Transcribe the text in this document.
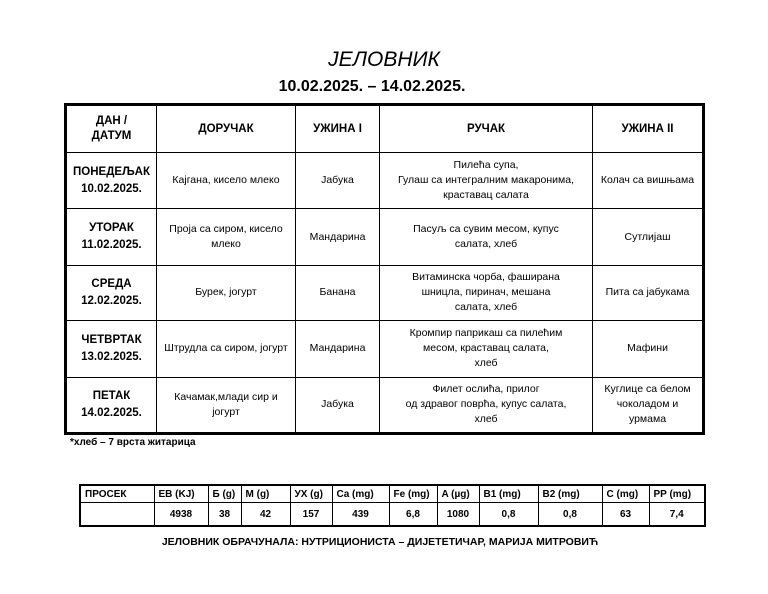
ЈЕЛОВНИК
10.02.2025. – 14.02.2025.
ДАН /
ДАТУМ	ДОРУЧАК	УЖИНА I	РУЧАК	УЖИНА II
ПОНЕДЕЉАК
10.02.2025.	Кајгана, кисело млеко	Јабука	Пилећа супа,
Гулаш са интегралним макаронима,
краставац салата	Колач са вишњама
УТОРАК
11.02.2025.	Проја са сиром, кисело
млеко	Мандарина	Пасуљ са сувим месом, купус
салата, хлеб	Сутлијаш
СРЕДА
12.02.2025.	Бурек, јогурт	Банана	Витаминска чорба, фаширана
шницла, пиринач, мешана
салата, хлеб	Пита са јабукама
ЧЕТВРТАК
13.02.2025.	Штрудла са сиром, јогурт	Мандарина	Кромпир паприкаш са пилећим
месом, краставац салата,
хлеб	Мафини
ПЕТАК
14.02.2025.	Качамак,млади сир и
јогурт	Јабука	Филет ослића, прилог
од здравог поврћа, купус салата,
хлеб	Куглице са белом
чоколадом и
урмама
*хлеб – 7 врста житарица
ПРОСЕК	ЕВ (KJ)	Б (g)	М (g)	УХ (g)	Ca (mg)	Fe (mg)	A (µg)	B1 (mg)	B2 (mg)	C (mg)	PP (mg)
	4938	38	42	157	439	6,8	1080	0,8	0,8	63	7,4
ЈЕЛОВНИК ОБРАЧУНАЛА: НУТРИЦИОНИСТА – ДИЈЕТЕТИЧАР, МАРИЈА МИТРОВИЋ
